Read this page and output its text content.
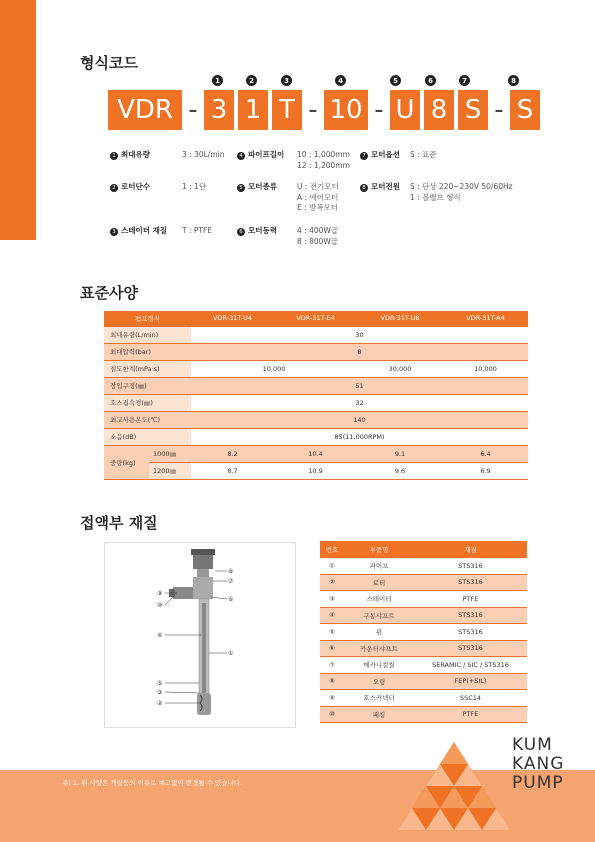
형식코드
1	2	3	4	5	6	7	8
VDR - 3 1 T - 10 - U 8 S - S
1 최대유량	3 : 30L/min
2 로터단수	1 : 1단
3 스테이터 재질 T : PTFE
4 파이프길이 10 : 1,000mm
12 : 1,200mm
5 모터종류	U : 전기모터
A : 에어모터
E : 방폭모터
6 모터동력	4 : 400W급
8 : 800W급
7 모터옵션 S : 표준
8 모터전원 S : 단상 220~230V 50/60Hz
1 : 볼밸브 형식
표준사양
펌프형식		VDR-31T-U4	VDR-31T-E4	VDR-31T-U8	VDR-31T-A4
최대유량(L/min)		30			
최대압력(bar)		8			
점도한계(mPa·s)		10,000		30,000	10,000
장입구경(㎜)		51			
호스접속경(㎜)		32			
최고사용온도(℃)		140			
소음(dB)		85(11,000RPM)			
중량(kg)	1000㎜	8.2	10.4	9.1	6.4
	1200㎜	8.7	10.9	9.6	6.9
접액부 재질
⑨
⑩
⑧
⑦
⑥
④
①
⑤
③
②
번호	부품명	재질
①	파이프	STS316
②	로터	STS316
③	스테이터	PTFE
④	구동샤프트	STS316
⑤	핀	STS316
⑥	카운터샤프트	STS316
⑦	메카니컬씰	SERAMIC / SIC / STS316
⑧	오링	FEP(+SIL)
⑨	호스커넥터	SSC14
⑩	패킹	PTFE
주) 1. 위 사양은 개량등의 이유로 예고없이 변경될 수 있습니다.
KUM
KANG
PUMP
